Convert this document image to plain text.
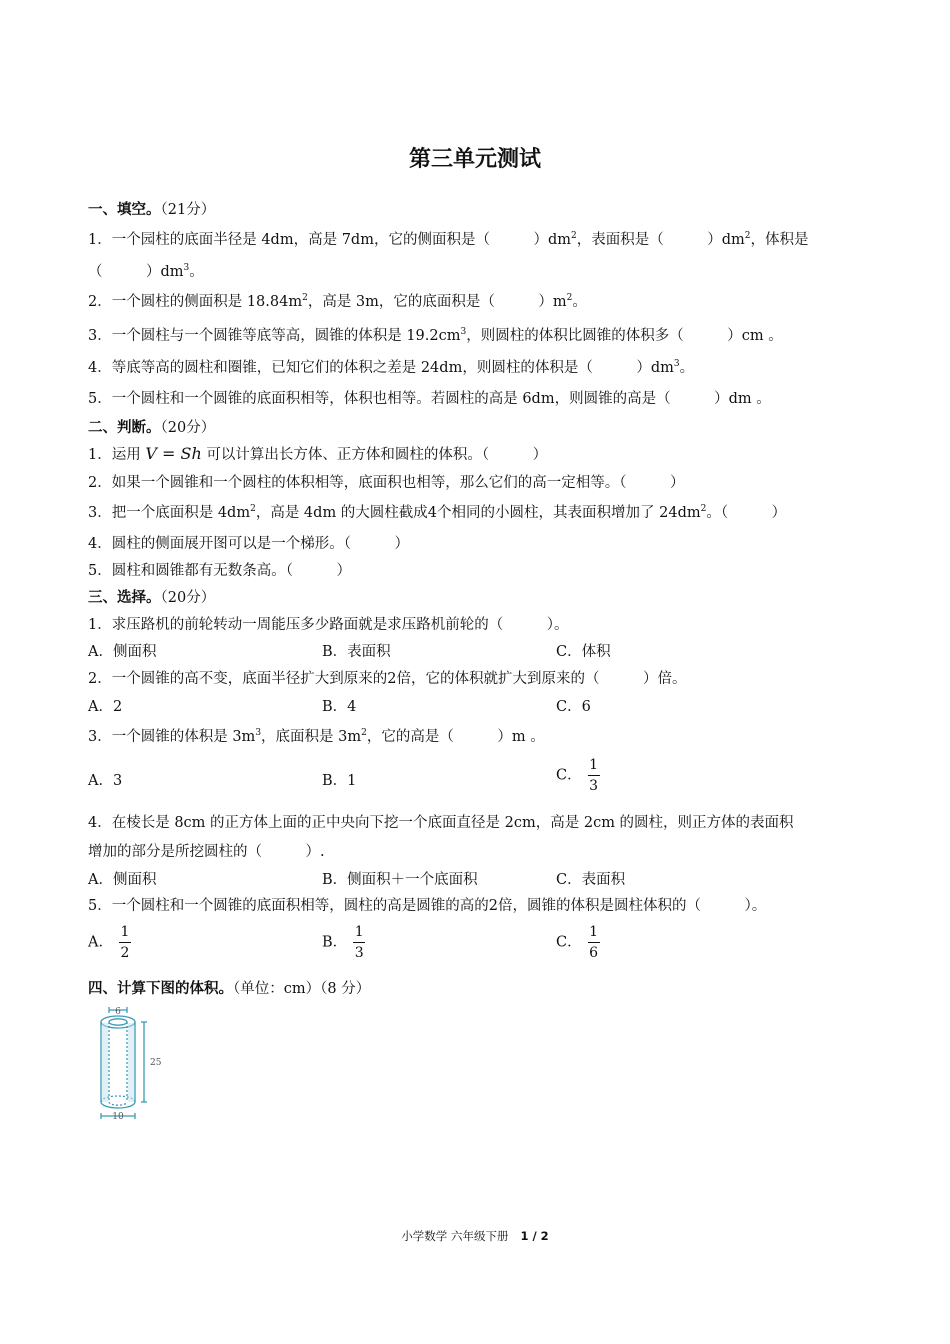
第三单元测试
一、填空。（21分）
1．一个园柱的底面半径是 4dm，高是 7dm，它的侧面积是（　　　）$dm^2$，表面积是（　　　）$dm^2$，体积是
（　　　）$dm^3$。
2．一个圆柱的侧面积是 $18.84m^2$，高是 3m，它的底面积是（　　　）$m^2$。
3．一个圆柱与一个圆锥等底等高，圆锥的体积是 $19.2cm^3$，则圆柱的体积比圆锥的体积多（　　　）cm 。
4．等底等高的圆柱和圈锥，已知它们的体积之差是 24dm，则圆柱的体积是（　　　）$dm^3$。
5．一个圆柱和一个圆锥的底面积相等，体积也相等。若圆柱的高是 6dm，则圆锥的高是（　　　）dm 。
二、判断。（20分）
1．运用 V = Sh 可以计算出长方体、正方体和圆柱的体积。（　　　）
2．如果一个圆锥和一个圆柱的体积相等，底面积也相等，那么它们的高一定相等。（　　　）
3．把一个底面积是 $4dm^2$，高是 4dm 的大圆柱截成4个相同的小圆柱，其表面积增加了 $24dm^2$。（　　　）
4．圆柱的侧面展开图可以是一个梯形。（　　　）
5．圆柱和圆锥都有无数条高。（　　　）
三、选择。（20分）
1．求压路机的前轮转动一周能压多少路面就是求压路机前轮的（　　　）。
A．侧面积	B．表面积	C．体积
2．一个圆锥的高不变，底面半径扩大到原来的2倍，它的体积就扩大到原来的（　　　）倍。
A．2	B．4	C．6
3．一个圆锥的体积是 $3m^3$，底面积是 $3m^2$，它的高是（　　　）m 。
A．3	B．1	C． $\frac{1}{3}$
4．在棱长是 8cm 的正方体上面的正中央向下挖一个底面直径是 2cm，高是 2cm 的圆柱，则正方体的表面积
增加的部分是所挖圆柱的（　　　）.
A．侧面积	B．侧面积＋一个底面积	C．表面积
5．一个圆柱和一个圆锥的底面积相等，圆柱的高是圆锥的高的2倍，圆锥的体积是圆柱体积的（　　　）。
A． $\frac{1}{2}$	B． $\frac{1}{3}$	C． $\frac{1}{6}$
四、计算下图的体积。（单位：cm）（8 分）
6
25
10
小学数学 六年级下册 1 / 2
